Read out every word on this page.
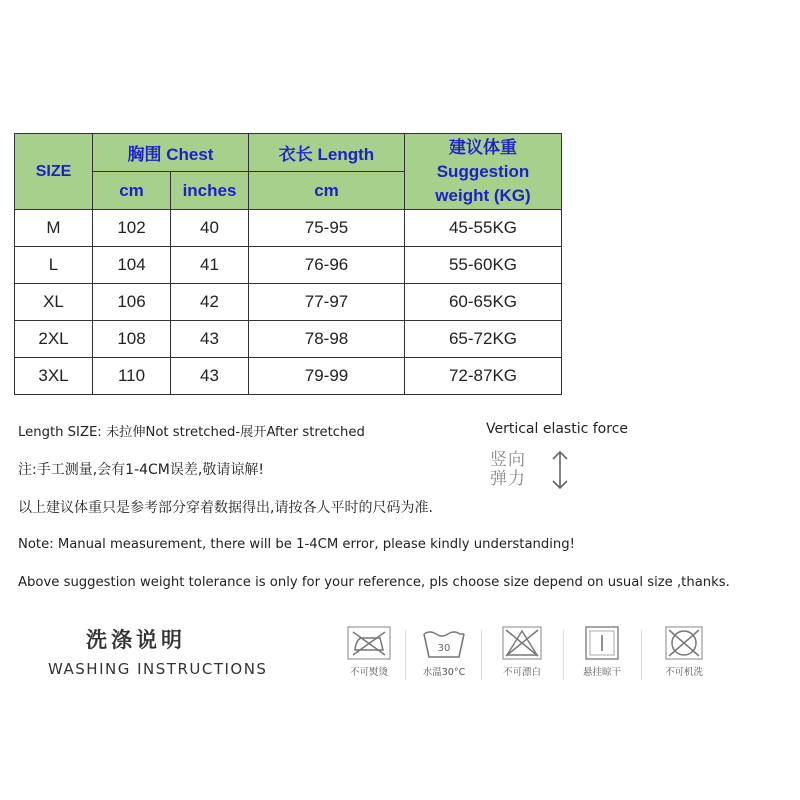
SIZE	胸围 Chest		衣长 Length	建议体重
Suggestion
weight (KG)

	cm	inches	cm	
M	102	40	75-95	45-55KG
L	104	41	76-96	55-60KG
XL	106	42	77-97	60-65KG
2XL	108	43	78-98	65-72KG
3XL	110	43	79-99	72-87KG
Length SIZE: 未拉伸Not stretched-展开After stretched	Vertical elastic force
竖向弹力
注:手工测量,会有1-4CM误差,敬请谅解!
以上建议体重只是参考部分穿着数据得出,请按各人平时的尺码为准.
Note: Manual measurement, there will be 1-4CM error, please kindly understanding!
Above suggestion weight tolerance is only for your reference, pls choose size depend on usual size ,thanks.
洗涤说明
WASHING INSTRUCTIONS	不可熨烫
30
水温30°C	不可漂白	悬挂晾干	不可机洗
